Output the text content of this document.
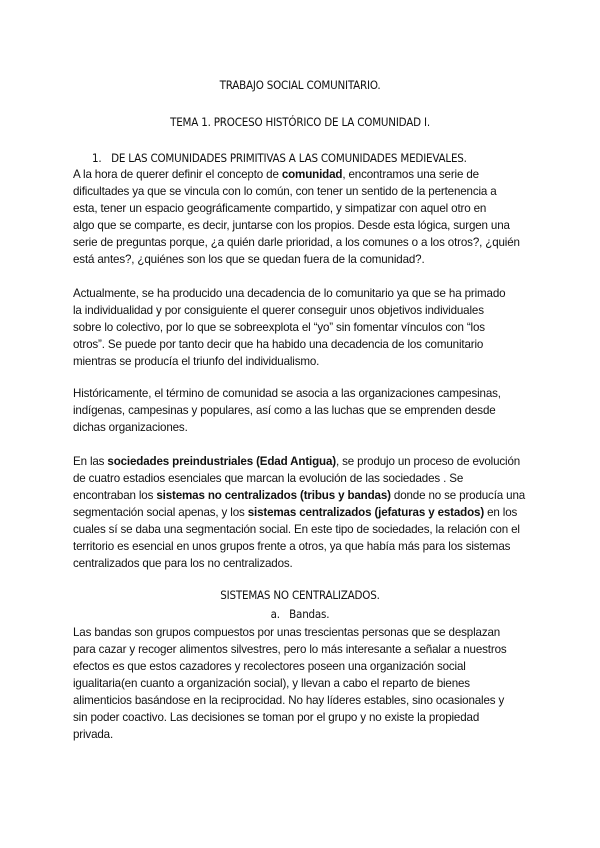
TRABAJO SOCIAL COMUNITARIO.
TEMA 1. PROCESO HISTÓRICO DE LA COMUNIDAD I.
1. DE LAS COMUNIDADES PRIMITIVAS A LAS COMUNIDADES MEDIEVALES.
A la hora de querer definir el concepto de comunidad, encontramos una serie de
dificultades ya que se vincula con lo común, con tener un sentido de la pertenencia a
esta, tener un espacio geográficamente compartido, y simpatizar con aquel otro en
algo que se comparte, es decir, juntarse con los propios. Desde esta lógica, surgen una
serie de preguntas porque, ¿a quién darle prioridad, a los comunes o a los otros?, ¿quién
está antes?, ¿quiénes son los que se quedan fuera de la comunidad?.
Actualmente, se ha producido una decadencia de lo comunitario ya que se ha primado
la individualidad y por consiguiente el querer conseguir unos objetivos individuales
sobre lo colectivo, por lo que se sobreexplota el “yo” sin fomentar vínculos con “los
otros”. Se puede por tanto decir que ha habido una decadencia de los comunitario
mientras se producía el triunfo del individualismo.
Históricamente, el término de comunidad se asocia a las organizaciones campesinas,
indígenas, campesinas y populares, así como a las luchas que se emprenden desde
dichas organizaciones.
En las sociedades preindustriales (Edad Antigua), se produjo un proceso de evolución
de cuatro estadios esenciales que marcan la evolución de las sociedades . Se
encontraban los sistemas no centralizados (tribus y bandas) donde no se producía una
segmentación social apenas, y los sistemas centralizados (jefaturas y estados) en los
cuales sí se daba una segmentación social. En este tipo de sociedades, la relación con el
territorio es esencial en unos grupos frente a otros, ya que había más para los sistemas
centralizados que para los no centralizados.
SISTEMAS NO CENTRALIZADOS.
a. Bandas.
Las bandas son grupos compuestos por unas trescientas personas que se desplazan
para cazar y recoger alimentos silvestres, pero lo más interesante a señalar a nuestros
efectos es que estos cazadores y recolectores poseen una organización social
igualitaria(en cuanto a organización social), y llevan a cabo el reparto de bienes
alimenticios basándose en la reciprocidad. No hay líderes estables, sino ocasionales y
sin poder coactivo. Las decisiones se toman por el grupo y no existe la propiedad
privada.
